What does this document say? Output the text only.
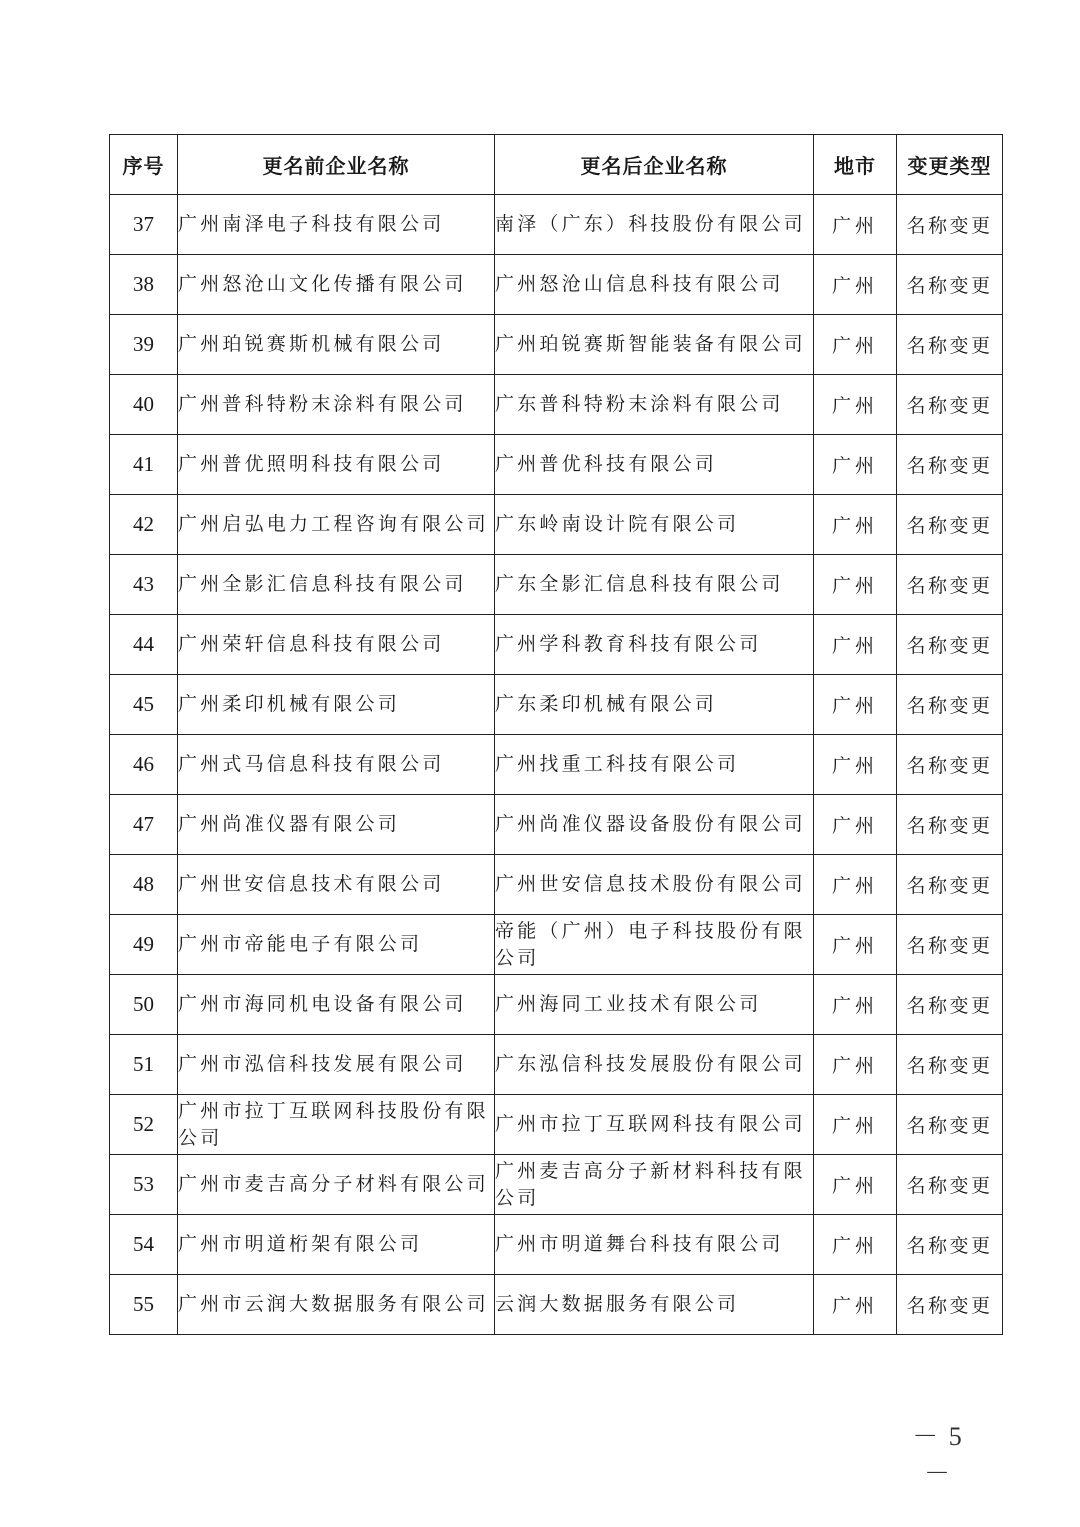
序号	更名前企业名称	更名后企业名称	地市	变更类型
37	广州南泽电子科技有限公司	南泽（广东）科技股份有限公司	广州	名称变更
38	广州怒沧山文化传播有限公司	广州怒沧山信息科技有限公司	广州	名称变更
39	广州珀锐赛斯机械有限公司	广州珀锐赛斯智能装备有限公司	广州	名称变更
40	广州普科特粉末涂料有限公司	广东普科特粉末涂料有限公司	广州	名称变更
41	广州普优照明科技有限公司	广州普优科技有限公司	广州	名称变更
42	广州启弘电力工程咨询有限公司	广东岭南设计院有限公司	广州	名称变更
43	广州全影汇信息科技有限公司	广东全影汇信息科技有限公司	广州	名称变更
44	广州荣轩信息科技有限公司	广州学科教育科技有限公司	广州	名称变更
45	广州柔印机械有限公司	广东柔印机械有限公司	广州	名称变更
46	广州式马信息科技有限公司	广州找重工科技有限公司	广州	名称变更
47	广州尚准仪器有限公司	广州尚准仪器设备股份有限公司	广州	名称变更
48	广州世安信息技术有限公司	广州世安信息技术股份有限公司	广州	名称变更
49	广州市帝能电子有限公司	帝能（广州）电子科技股份有限公司	广州	名称变更
50	广州市海同机电设备有限公司	广州海同工业技术有限公司	广州	名称变更
51	广州市泓信科技发展有限公司	广东泓信科技发展股份有限公司	广州	名称变更
52	广州市拉丁互联网科技股份有限公司	广州市拉丁互联网科技有限公司	广州	名称变更
53	广州市麦吉高分子材料有限公司	广州麦吉高分子新材料科技有限公司	广州	名称变更
54	广州市明道桁架有限公司	广州市明道舞台科技有限公司	广州	名称变更
55	广州市云润大数据服务有限公司	云润大数据服务有限公司	广州	名称变更
－ 5 －
